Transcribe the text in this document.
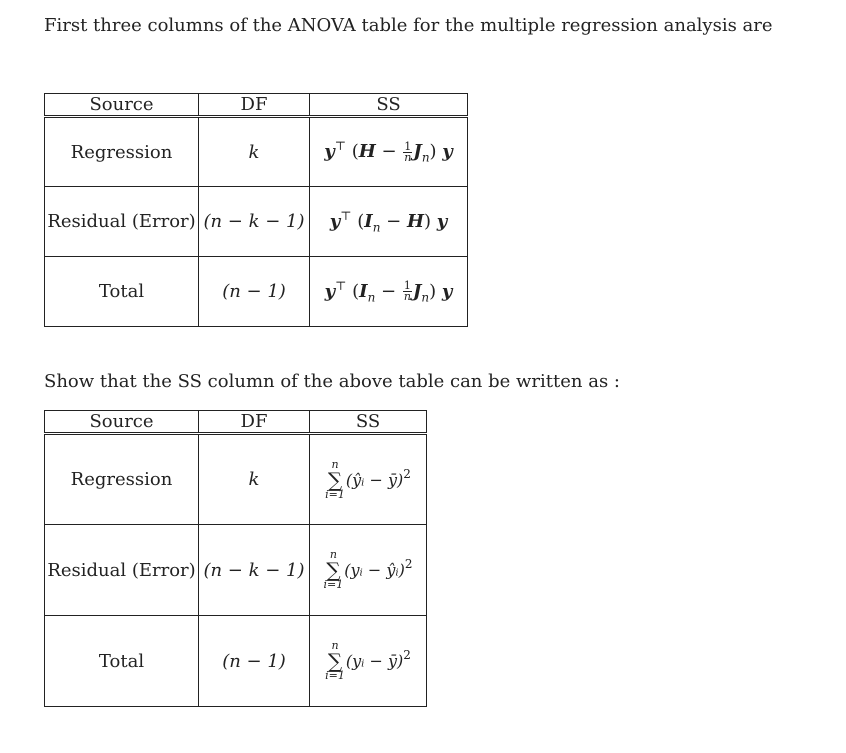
First three columns of the ANOVA table for the multiple regression analysis are
Source	DF	SS
Regression	k	y⊤ $(H - \frac{1}{n} J_n)$ y
Residual (Error)	(n − k − 1)	y⊤ $(I_n - H)$ y
Total	(n − 1)	y⊤ $(I_n - \frac{1}{n} J_n)$ y
Show that the SS column of the above table can be written as :
Source	DF	SS
Regression	k	n
∑
i=1
(ŷᵢ − ȳ)$^2$
Residual (Error)	(n − k − 1)	n
∑
i=1
(yᵢ − ŷᵢ)$^2$
Total	(n − 1)	n
∑
i=1
(yᵢ − ȳ)$^2$
